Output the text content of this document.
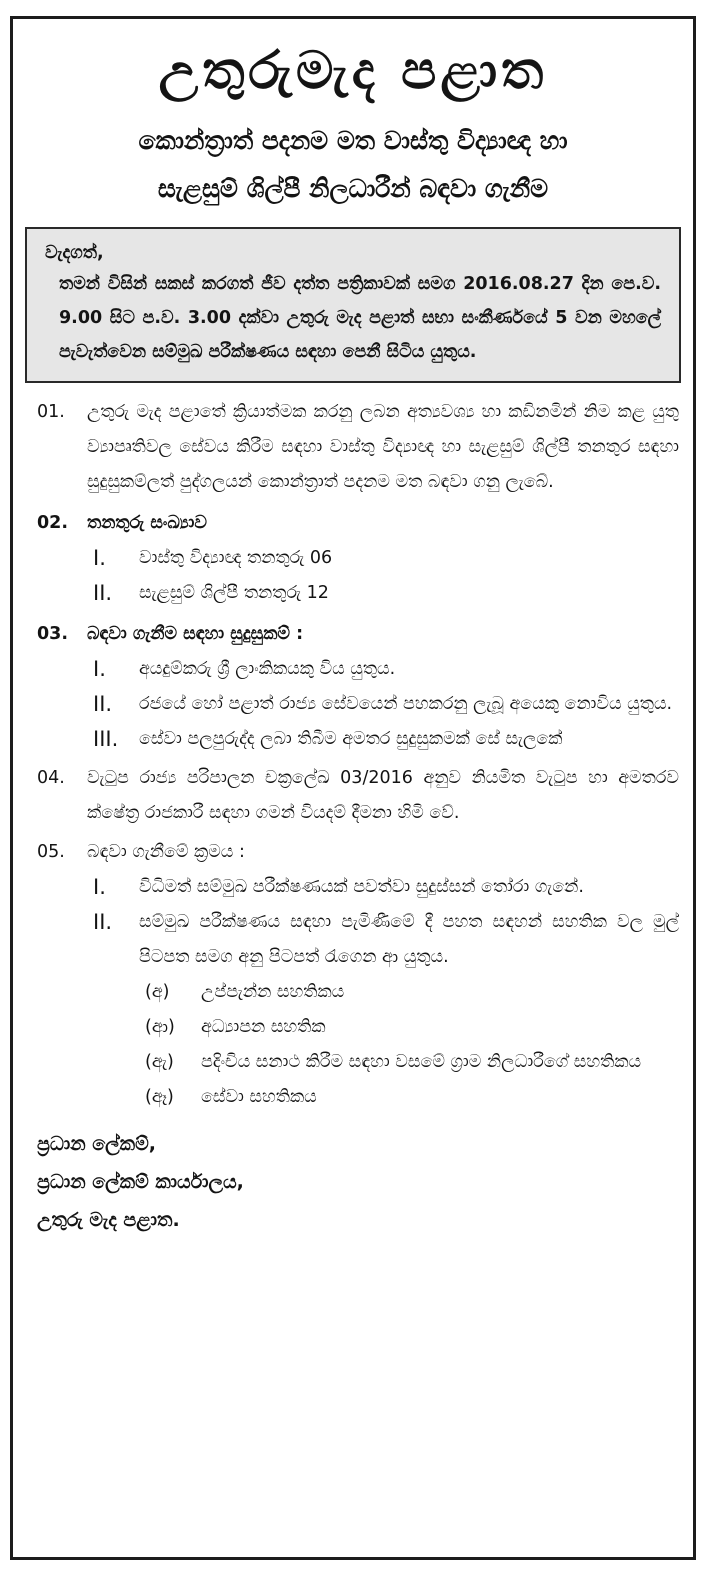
උතුරුමැද පළාත
කොන්ත්‍රාත් පදනම මත වාස්තු විද්‍යාඥ හා
සැළසුම් ශිල්පී නිලධාරීන් බඳවා ගැනීම
වැදගත්,
තමන් විසින් සකස් කරගත් ජීව දත්ත පත්‍රිකාවක් සමග 2016.08.27 දින පෙ.ව. 9.00 සිට ප.ව. 3.00 දක්වා උතුරු මැද පළාත් සභා සංකීර්ණයේ 5 වන මහලේ පැවැත්වෙන සම්මුඛ පරීක්ෂණය සඳහා පෙනී සිටිය යුතුය.
01. උතුරු මැද පළාතේ ක්‍රියාත්මක කරනු ලබන අත්‍යවශ්‍ය හා කඩිනමින් නිම කළ යුතු ව්‍යාපෘතිවල සේවය කිරීම සඳහා වාස්තු විද්‍යාඥ හා සැළසුම් ශිල්පී තනතුර සඳහා සුදුසුකම්ලත් පුද්ගලයන් කොන්ත්‍රාත් පදනම මත බඳවා ගනු ලැබේ.
02. තනතුරු සංඛ්‍යාව
I. වාස්තු විද්‍යාඥ තනතුරු 06
II. සැළසුම් ශිල්පී තනතුරු 12
03. බඳවා ගැනීම සඳහා සුදුසුකම් :
I. අයදුම්කරු ශ්‍රී ලාංකිකයකු විය යුතුය.
II. රජයේ හෝ පළාත් රාජ්‍ය සේවයෙන් පහකරනු ලැබූ අයෙකු නොවිය යුතුය.
III. සේවා පලපුරුද්ද ලබා තිබීම අමතර සුදුසුකමක් සේ සැලකේ
04. වැටුප රාජ්‍ය පරිපාලන චක්‍රලේඛ 03/2016 අනුව නියමිත වැටුප හා අමතරව ක්ෂේත්‍ර රාජකාරී සඳහා ගමන් වියදම් දීමනා හිමි වේ.
05. බඳවා ගැනීමේ ක්‍රමය :
I. විධිමත් සම්මුඛ පරීක්ෂණයක් පවත්වා සුදුස්සන් තෝරා ගැනේ.
II. සම්මුඛ පරීක්ෂණය සඳහා පැමිණීමේ දී පහත සඳහන් සහතික වල මුල් පිටපත සමග අනු පිටපත් රැගෙන ආ යුතුය.
(අ) උප්පැන්න සහතිකය
(ආ) අධ්‍යාපන සහතික
(ඇ) පදිංචිය සනාථ කිරීම සඳහා වසමේ ග්‍රාම නිලධාරීගේ සහතිකය
(ඈ) සේවා සහතිකය
ප්‍රධාන ලේකම්,
ප්‍රධාන ලේකම් කාර්යාලය,
උතුරු මැද පළාත.
